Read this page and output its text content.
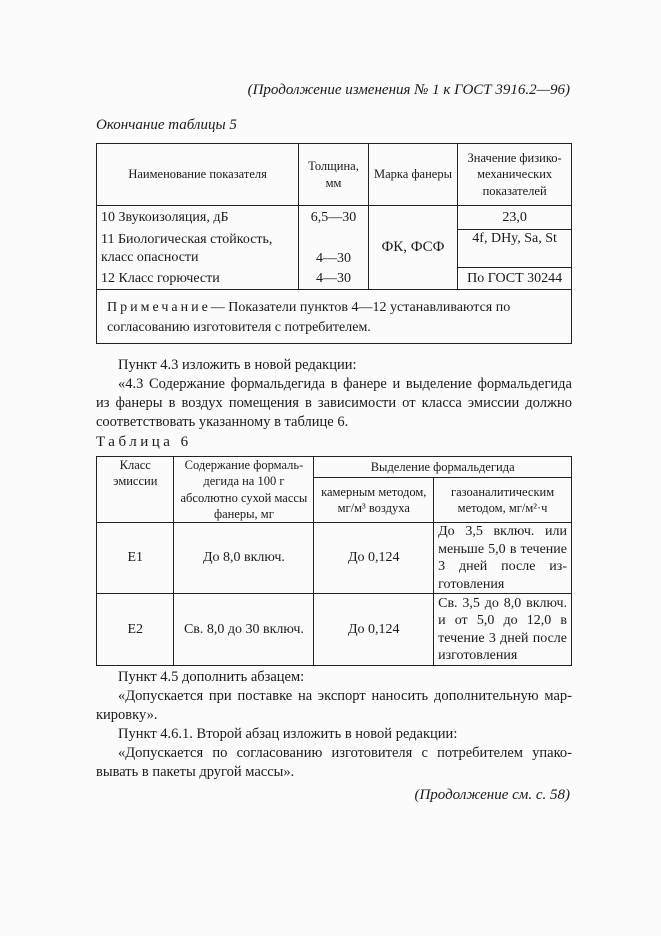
(Продолжение изменения № 1 к ГОСТ 3916.2—96)
Окончание таблицы 5
Наименование показателя	Толщина, мм	Марка фанеры	Значение физико-механических показателей
10 Звукоизоляция, дБ	6,5—30	ФК, ФСФ	23,0

11 Биологическая стойкость,
класс опасности	4—30		4f, DHy, Sa, St
12 Класс горючести	4—30		По ГОСТ 30244
Примечание— Показатели пунктов 4—12 устанавливаются по согласованию изготовителя с потребителем.			

Пункт 4.3 изложить в новой редакции:

«4.3 Содержание формальдегида в фанере и выделение формальдегида из фанеры в воздух помещения в зависимости от класса эмиссии должно соответствовать указанному в таблице 6.

Таблица 6
Класс эмиссии	Содержание формальдегида на 100 г абсолютно сухой массы фанеры, мг	Выделение формальдегида	
		камерным методом, мг/м³ воздуха	газоаналитическим методом, мг/м²·ч
Е1	До 8,0 включ.	До 0,124	До 3,5 включ. или меньше 5,0 в течение 3 дней после изготовления
Е2	Св. 8,0 до 30 включ.	До 0,124	Св. 3,5 до 8,0 включ. и от 5,0 до 12,0 в течение 3 дней после изготовления

Пункт 4.5 дополнить абзацем:

«Допускается при поставке на экспорт наносить дополнительную маркировку».

Пункт 4.6.1. Второй абзац изложить в новой редакции:

«Допускается по согласованию изготовителя с потребителем упаковывать в пакеты другой массы».

(Продолжение см. с. 58)
